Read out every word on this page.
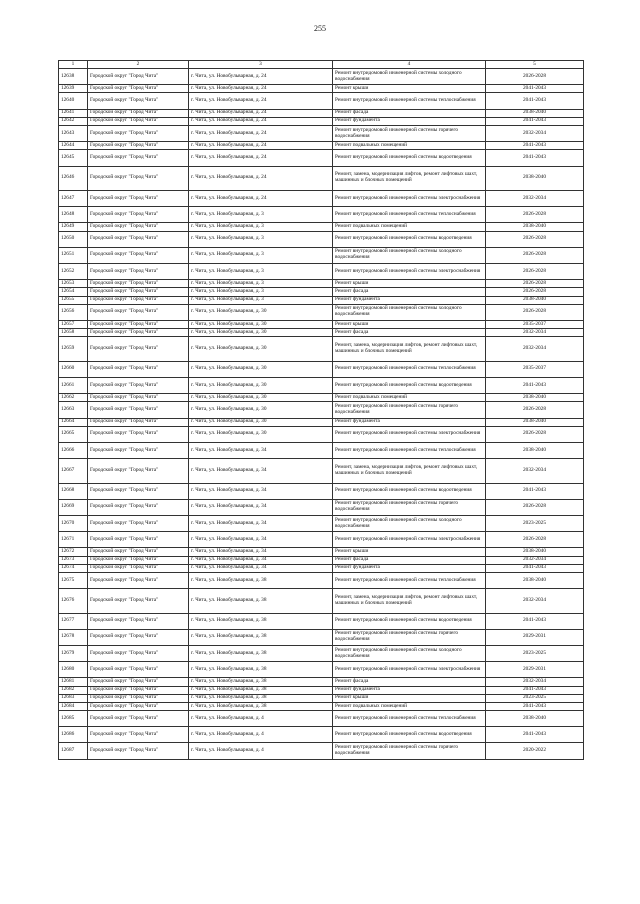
255
1	2	3	4	5
12638	Городской округ "Город Чита"	г. Чита, ул. Новобульварная, д. 24	Ремонт внутридомовой инженерной системы холодного водоснабжения	2026-2028
12639	Городской округ "Город Чита"	г. Чита, ул. Новобульварная, д. 24	Ремонт крыши	2041-2043
12640	Городской округ "Город Чита"	г. Чита, ул. Новобульварная, д. 24	Ремонт внутридомовой инженерной системы теплоснабжения	2041-2043
12641	Городской округ "Город Чита"	г. Чита, ул. Новобульварная, д. 24	Ремонт фасада	2038-2040
12642	Городской округ "Город Чита"	г. Чита, ул. Новобульварная, д. 24	Ремонт фундамента	2041-2043
12643	Городской округ "Город Чита"	г. Чита, ул. Новобульварная, д. 24	Ремонт внутридомовой инженерной системы горячего водоснабжения	2032-2034
12644	Городской округ "Город Чита"	г. Чита, ул. Новобульварная, д. 24	Ремонт подвальных помещений	2041-2043
12645	Городской округ "Город Чита"	г. Чита, ул. Новобульварная, д. 24	Ремонт внутридомовой инженерной системы водоотведения	2041-2043
12646	Городской округ "Город Чита"	г. Чита, ул. Новобульварная, д. 24	Ремонт, замена, модернизация лифтов, ремонт лифтовых шахт, машинных и блочных помещений	2038-2040
12647	Городской округ "Город Чита"	г. Чита, ул. Новобульварная, д. 24	Ремонт внутридомовой инженерной системы электроснабжения	2032-2034
12648	Городской округ "Город Чита"	г. Чита, ул. Новобульварная, д. 3	Ремонт внутридомовой инженерной системы теплоснабжения	2026-2028
12649	Городской округ "Город Чита"	г. Чита, ул. Новобульварная, д. 3	Ремонт подвальных помещений	2038-2040
12650	Городской округ "Город Чита"	г. Чита, ул. Новобульварная, д. 3	Ремонт внутридомовой инженерной системы водоотведения	2026-2028
12651	Городской округ "Город Чита"	г. Чита, ул. Новобульварная, д. 3	Ремонт внутридомовой инженерной системы холодного водоснабжения	2026-2028
12652	Городской округ "Город Чита"	г. Чита, ул. Новобульварная, д. 3	Ремонт внутридомовой инженерной системы электроснабжения	2026-2028
12653	Городской округ "Город Чита"	г. Чита, ул. Новобульварная, д. 3	Ремонт крыши	2026-2028
12654	Городской округ "Город Чита"	г. Чита, ул. Новобульварная, д. 3	Ремонт фасада	2026-2028
12655	Городской округ "Город Чита"	г. Чита, ул. Новобульварная, д. 3	Ремонт фундамента	2038-2040
12656	Городской округ "Город Чита"	г. Чита, ул. Новобульварная, д. 30	Ремонт внутридомовой инженерной системы холодного водоснабжения	2026-2028
12657	Городской округ "Город Чита"	г. Чита, ул. Новобульварная, д. 30	Ремонт крыши	2035-2037
12658	Городской округ "Город Чита"	г. Чита, ул. Новобульварная, д. 30	Ремонт фасада	2032-2034
12659	Городской округ "Город Чита"	г. Чита, ул. Новобульварная, д. 30	Ремонт, замена, модернизация лифтов, ремонт лифтовых шахт, машинных и блочных помещений	2032-2034
12660	Городской округ "Город Чита"	г. Чита, ул. Новобульварная, д. 30	Ремонт внутридомовой инженерной системы теплоснабжения	2035-2037
12661	Городской округ "Город Чита"	г. Чита, ул. Новобульварная, д. 30	Ремонт внутридомовой инженерной системы водоотведения	2041-2043
12662	Городской округ "Город Чита"	г. Чита, ул. Новобульварная, д. 30	Ремонт подвальных помещений	2038-2040
12663	Городской округ "Город Чита"	г. Чита, ул. Новобульварная, д. 30	Ремонт внутридомовой инженерной системы горячего водоснабжения	2026-2028
12664	Городской округ "Город Чита"	г. Чита, ул. Новобульварная, д. 30	Ремонт фундамента	2038-2040
12665	Городской округ "Город Чита"	г. Чита, ул. Новобульварная, д. 30	Ремонт внутридомовой инженерной системы электроснабжения	2026-2028
12666	Городской округ "Город Чита"	г. Чита, ул. Новобульварная, д. 34	Ремонт внутридомовой инженерной системы теплоснабжения	2038-2040
12667	Городской округ "Город Чита"	г. Чита, ул. Новобульварная, д. 34	Ремонт, замена, модернизация лифтов, ремонт лифтовых шахт, машинных и блочных помещений	2032-2034
12668	Городской округ "Город Чита"	г. Чита, ул. Новобульварная, д. 34	Ремонт внутридомовой инженерной системы водоотведения	2041-2043
12669	Городской округ "Город Чита"	г. Чита, ул. Новобульварная, д. 34	Ремонт внутридомовой инженерной системы горячего водоснабжения	2026-2028
12670	Городской округ "Город Чита"	г. Чита, ул. Новобульварная, д. 34	Ремонт внутридомовой инженерной системы холодного водоснабжения	2023-2025
12671	Городской округ "Город Чита"	г. Чита, ул. Новобульварная, д. 34	Ремонт внутридомовой инженерной системы электроснабжения	2026-2028
12672	Городской округ "Город Чита"	г. Чита, ул. Новобульварная, д. 34	Ремонт крыши	2038-2040
12673	Городской округ "Город Чита"	г. Чита, ул. Новобульварная, д. 34	Ремонт фасада	2032-2034
12674	Городской округ "Город Чита"	г. Чита, ул. Новобульварная, д. 34	Ремонт фундамента	2041-2043
12675	Городской округ "Город Чита"	г. Чита, ул. Новобульварная, д. 38	Ремонт внутридомовой инженерной системы теплоснабжения	2038-2040
12676	Городской округ "Город Чита"	г. Чита, ул. Новобульварная, д. 38	Ремонт, замена, модернизация лифтов, ремонт лифтовых шахт, машинных и блочных помещений	2032-2034
12677	Городской округ "Город Чита"	г. Чита, ул. Новобульварная, д. 38	Ремонт внутридомовой инженерной системы водоотведения	2041-2043
12678	Городской округ "Город Чита"	г. Чита, ул. Новобульварная, д. 38	Ремонт внутридомовой инженерной системы горячего водоснабжения	2029-2031
12679	Городской округ "Город Чита"	г. Чита, ул. Новобульварная, д. 38	Ремонт внутридомовой инженерной системы холодного водоснабжения	2023-2025
12680	Городской округ "Город Чита"	г. Чита, ул. Новобульварная, д. 38	Ремонт внутридомовой инженерной системы электроснабжения	2029-2031
12681	Городской округ "Город Чита"	г. Чита, ул. Новобульварная, д. 38	Ремонт фасада	2032-2034
12682	Городской округ "Город Чита"	г. Чита, ул. Новобульварная, д. 38	Ремонт фундамента	2041-2043
12683	Городской округ "Город Чита"	г. Чита, ул. Новобульварная, д. 38	Ремонт крыши	2023-2025
12684	Городской округ "Город Чита"	г. Чита, ул. Новобульварная, д. 38	Ремонт подвальных помещений	2041-2043
12685	Городской округ "Город Чита"	г. Чита, ул. Новобульварная, д. 4	Ремонт внутридомовой инженерной системы теплоснабжения	2038-2040
12686	Городской округ "Город Чита"	г. Чита, ул. Новобульварная, д. 4	Ремонт внутридомовой инженерной системы водоотведения	2041-2043
12687	Городской округ "Город Чита"	г. Чита, ул. Новобульварная, д. 4	Ремонт внутридомовой инженерной системы горячего водоснабжения	2020-2022
